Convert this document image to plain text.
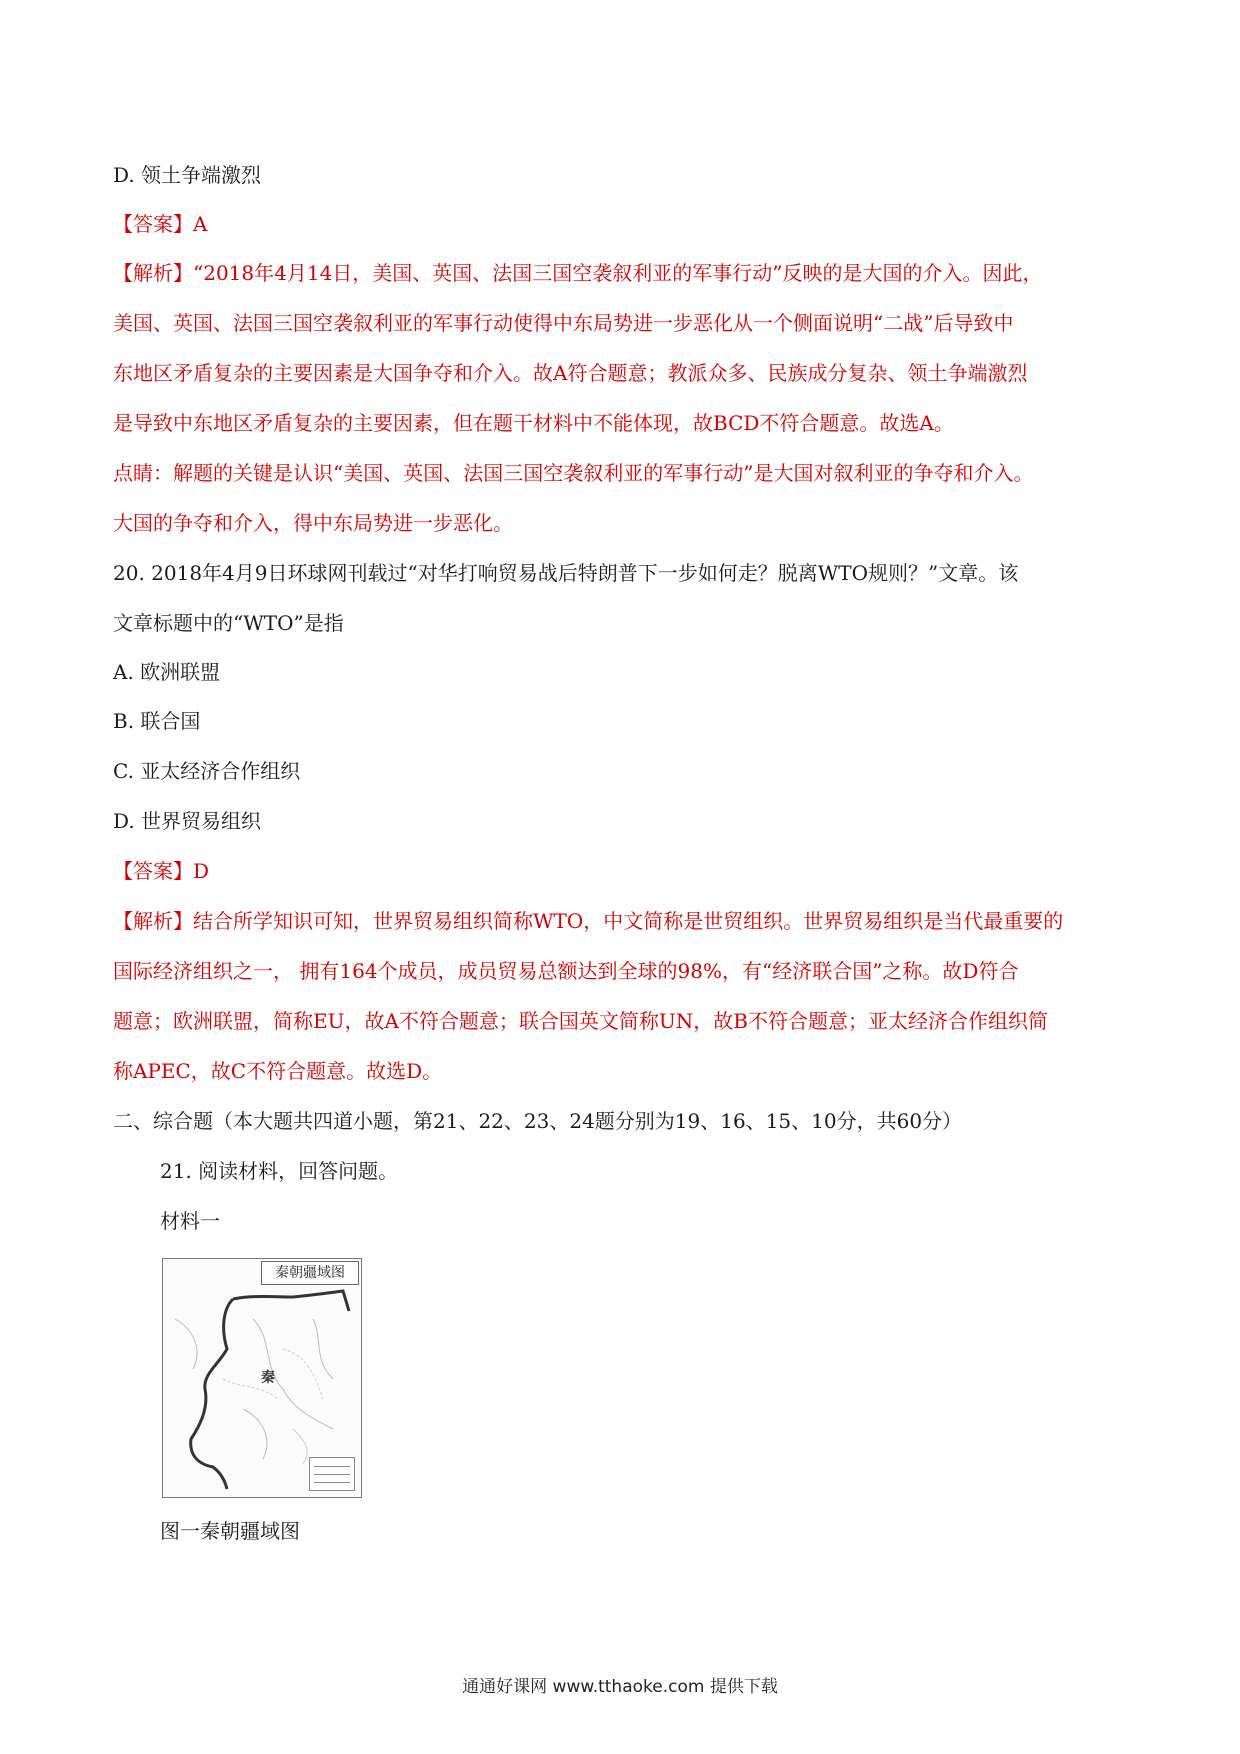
D. 领土争端激烈
【答案】A
【解析】“2018年4月14日，美国、英国、法国三国空袭叙利亚的军事行动”反映的是大国的介入。因此，
美国、英国、法国三国空袭叙利亚的军事行动使得中东局势进一步恶化从一个侧面说明“二战”后导致中
东地区矛盾复杂的主要因素是大国争夺和介入。故A符合题意；教派众多、民族成分复杂、领土争端激烈
是导致中东地区矛盾复杂的主要因素，但在题干材料中不能体现，故BCD不符合题意。故选A。
点睛：解题的关键是认识“美国、英国、法国三国空袭叙利亚的军事行动”是大国对叙利亚的争夺和介入。
大国的争夺和介入，得中东局势进一步恶化。
20. 2018年4月9日环球网刊载过“对华打响贸易战后特朗普下一步如何走？脱离WTO规则？”文章。该
文章标题中的“WTO”是指
A. 欧洲联盟
B. 联合国
C. 亚太经济合作组织
D. 世界贸易组织
【答案】D
【解析】结合所学知识可知，世界贸易组织简称WTO，中文简称是世贸组织。世界贸易组织是当代最重要的
国际经济组织之一， 拥有164个成员，成员贸易总额达到全球的98%，有“经济联合国”之称。故D符合
题意；欧洲联盟，简称EU，故A不符合题意；联合国英文简称UN，故B不符合题意；亚太经济合作组织简
称APEC，故C不符合题意。故选D。
二、综合题（本大题共四道小题，第21、22、23、24题分别为19、16、15、10分，共60分）
21. 阅读材料，回答问题。
材料一
秦朝疆域图
秦
图一秦朝疆域图
通通好课网 www.tthaoke.com 提供下载
